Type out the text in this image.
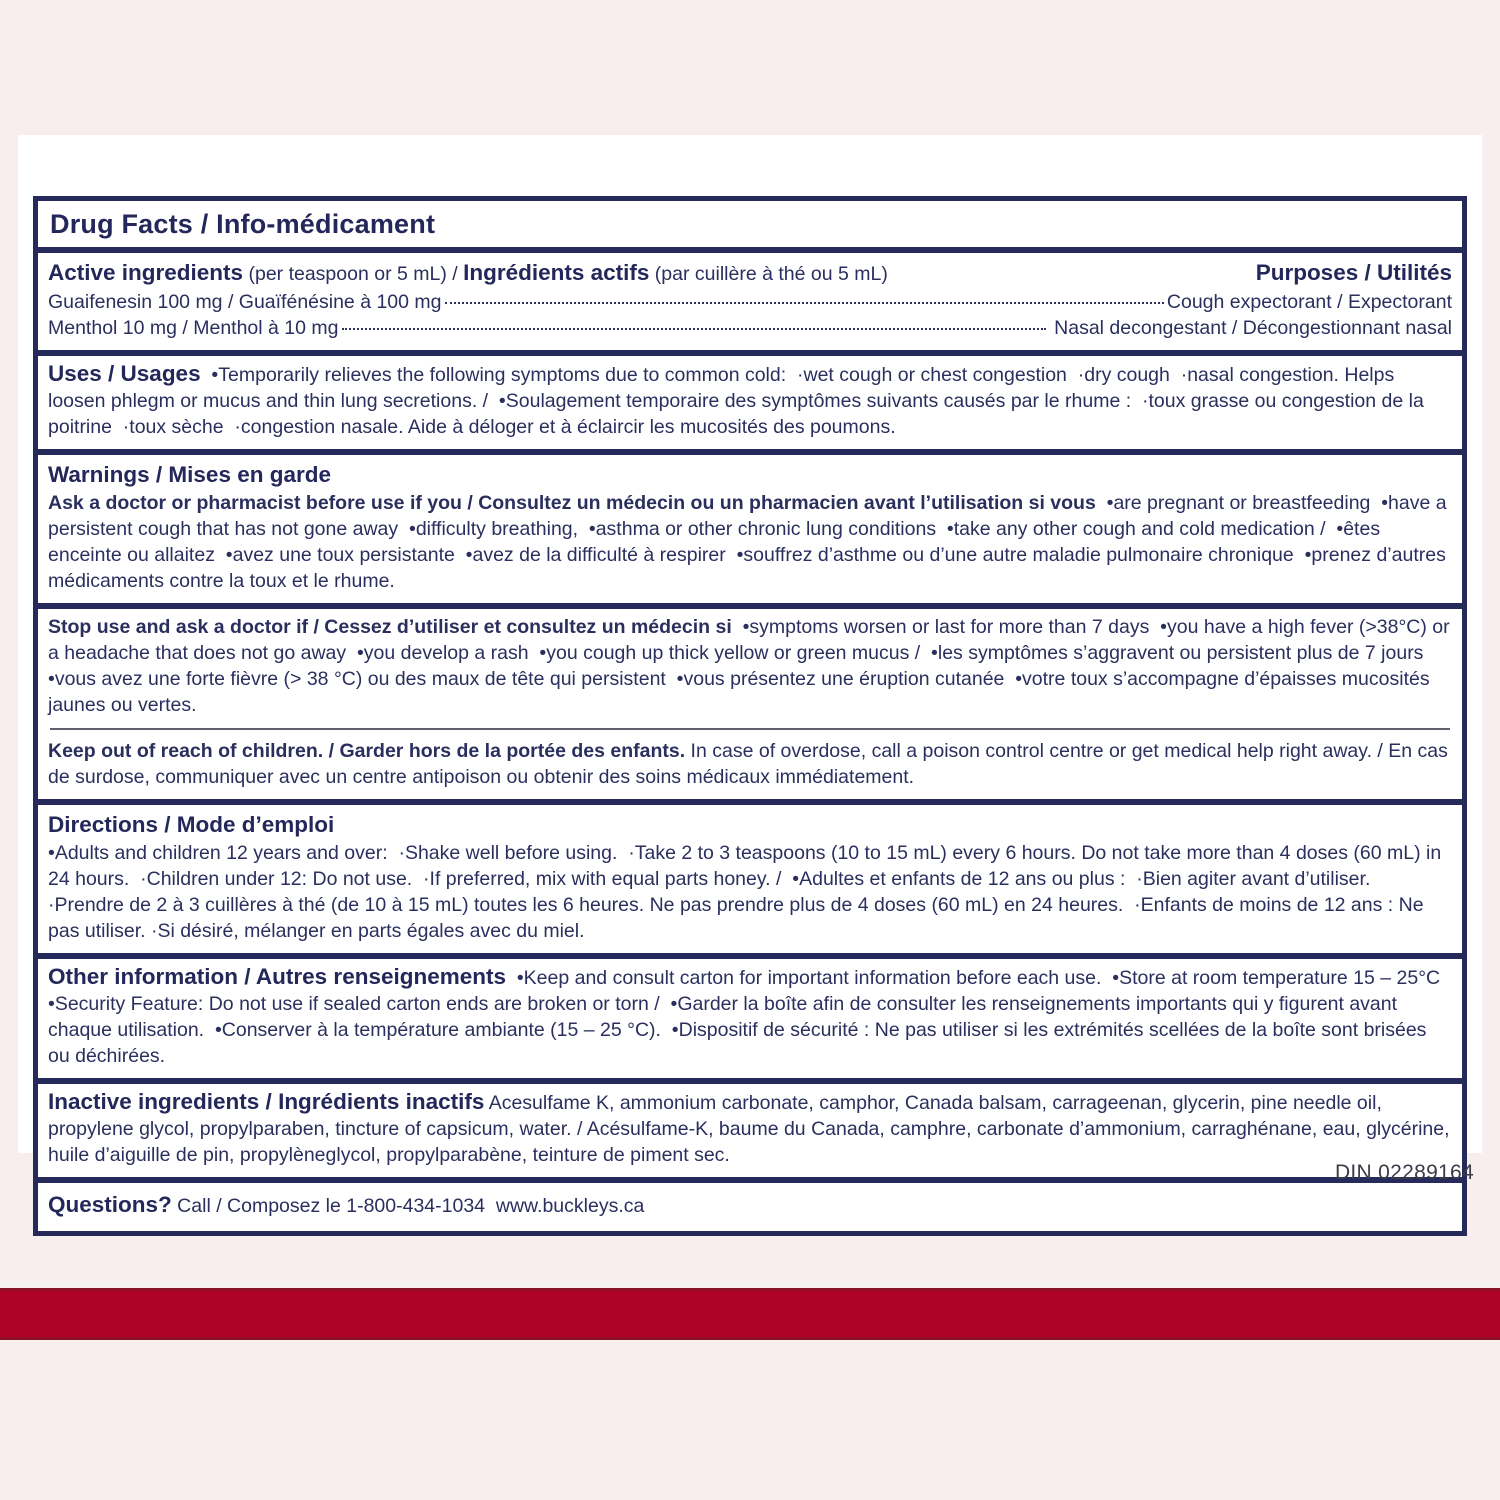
Drug Facts / Info-médicament

Active ingredients (per teaspoon or 5 mL) / Ingrédients actifs (par cuillère à thé ou 5 mL)	Purposes / Utilités

Guaifenesin 100 mg / Guaïfénésine à 100 mg	Cough expectorant / Expectorant
Menthol 10 mg / Menthol à 10 mg	Nasal decongestant / Décongestionnant nasal

Uses / Usages  •Temporarily relieves the following symptoms due to common cold:  ·wet cough or chest congestion  ·dry cough  ·nasal congestion. Helps loosen phlegm or mucus and thin lung secretions. /  •Soulagement temporaire des symptômes suivants causés par le rhume :  ·toux grasse ou congestion de la poitrine  ·toux sèche  ·congestion nasale. Aide à déloger et à éclaircir les mucosités des poumons.

Warnings / Mises en garde

Ask a doctor or pharmacist before use if you / Consultez un médecin ou un pharmacien avant l’utilisation si vous  •are pregnant or breastfeeding  •have a persistent cough that has not gone away  •difficulty breathing,  •asthma or other chronic lung conditions  •take any other cough and cold medication /  •êtes enceinte ou allaitez  •avez une toux persistante  •avez de la difficulté à respirer  •souffrez d’asthme ou d’une autre maladie pulmonaire chronique  •prenez d’autres médicaments contre la toux et le rhume.

Stop use and ask a doctor if / Cessez d’utiliser et consultez un médecin si  •symptoms worsen or last for more than 7 days  •you have a high fever (>38°C) or a headache that does not go away  •you develop a rash  •you cough up thick yellow or green mucus /  •les symptômes s’aggravent ou persistent plus de 7 jours •vous avez une forte fièvre (> 38 °C) ou des maux de tête qui persistent  •vous présentez une éruption cutanée  •votre toux s’accompagne d’épaisses mucosités jaunes ou vertes.

Keep out of reach of children. / Garder hors de la portée des enfants. In case of overdose, call a poison control centre or get medical help right away. / En cas de surdose, communiquer avec un centre antipoison ou obtenir des soins médicaux immédiatement.

Directions / Mode d’emploi

•Adults and children 12 years and over:  ·Shake well before using.  ·Take 2 to 3 teaspoons (10 to 15 mL) every 6 hours. Do not take more than 4 doses (60 mL) in 24 hours.  ·Children under 12: Do not use.  ·If preferred, mix with equal parts honey. /  •Adultes et enfants de 12 ans ou plus :  ·Bien agiter avant d’utiliser.  ·Prendre de 2 à 3 cuillères à thé (de 10 à 15 mL) toutes les 6 heures. Ne pas prendre plus de 4 doses (60 mL) en 24 heures.  ·Enfants de moins de 12 ans : Ne pas utiliser. ·Si désiré, mélanger en parts égales avec du miel.

Other information / Autres renseignements  •Keep and consult carton for important information before each use.  •Store at room temperature 15 – 25°C •Security Feature: Do not use if sealed carton ends are broken or torn /  •Garder la boîte afin de consulter les renseignements importants qui y figurent avant chaque utilisation.  •Conserver à la température ambiante (15 – 25 °C).  •Dispositif de sécurité : Ne pas utiliser si les extrémités scellées de la boîte sont brisées ou déchirées.

Inactive ingredients / Ingrédients inactifs Acesulfame K, ammonium carbonate, camphor, Canada balsam, carrageenan, glycerin, pine needle oil, propylene glycol, propylparaben, tincture of capsicum, water. / Acésulfame-K, baume du Canada, camphre, carbonate d’ammonium, carraghénane, eau, glycérine, huile d’aiguille de pin, propylèneglycol, propylparabène, teinture de piment sec.

Questions? Call / Composez le 1-800-434-1034  www.buckleys.ca

DIN 02289164
